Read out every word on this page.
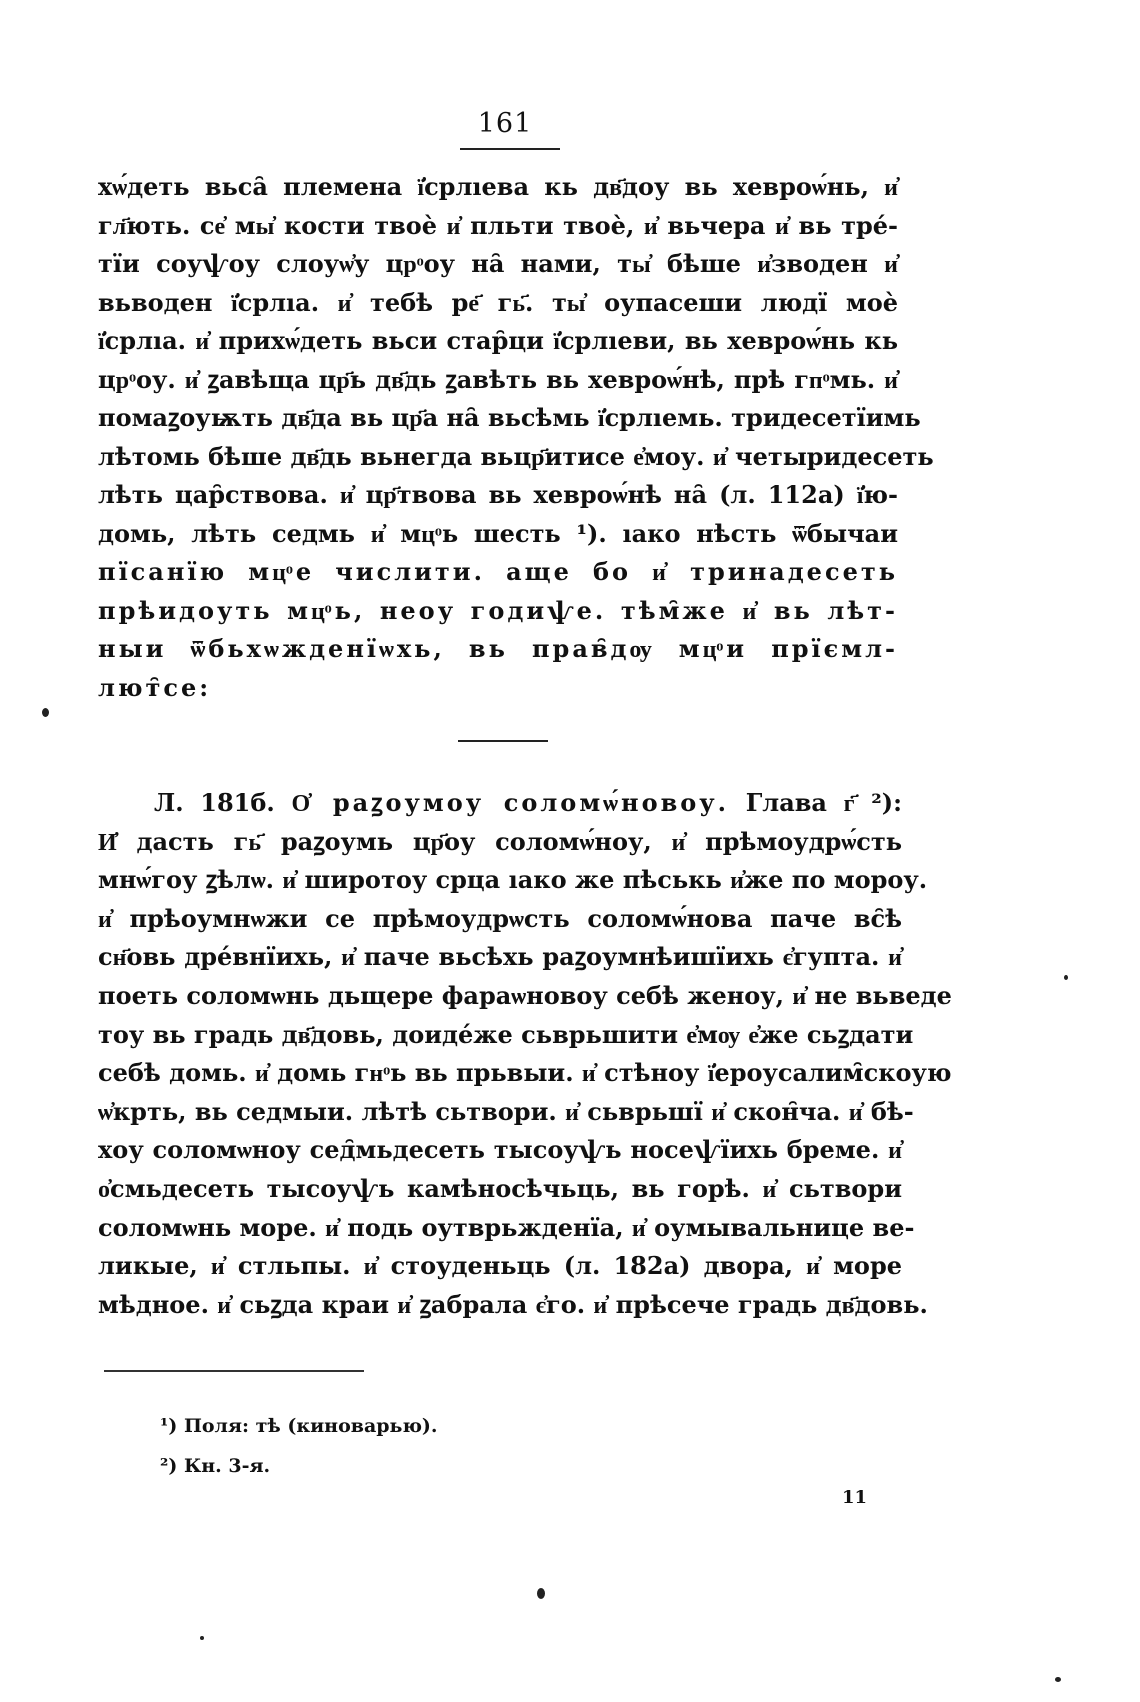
161
хѡ́деть вьса̑ племена ї҆срлıева кь дв҃доу вь хевроѡ́нь, и҆
гл҃ють. се҆ мы҆ кости твоѐ и҆ пльти твоѐ, и҆ вьчера и҆ вь тре́-
тїи соуѱоу слоуѡ҆у црͦоу на̑ нами, ты҆ бѣше и҆зводен и҆
вьводен ї҆срлıа. и҆ тебѣ ре҃ гь҃. ты҆ оупасеши людї моѐ
ї҆срлıа. и҆ прихѡ́деть вьси стар̑ци ї҆срлıеви, вь хевроѡ́нь кь
црͦоу. и҆ ꙁавѣща цр҃ь дв҃дь ꙁавѣть вь хевроѡ́нѣ, прѣ гпͦмь. и҆
помаꙁоуѭть дв҃да вь цр҃а на̑ вьсѣмь ї҆срлıемь. тридесетїимь
лѣтомь бѣше дв҃дь вьнегда вьцр҃итисе е҆моу. и҆ четыридесеть
лѣть цар̑ствова. и҆ цр҃твова вь хевроѡ́нѣ на̑ (л. 112а) ї҆ю-
домь, лѣть седмь и҆ мцͦь шесть ¹). ıако нѣсть ѿбычаи
пїсанїю мцͦе числити. аще бо и҆ тринадесеть
прѣидоуть мцͦь, неоу годиѱе. тѣм̑же и҆ вь лѣт-
ныи ѿбьхѡжденїѡхь, вь прав̑дѹ мцͦи прїємл-
лют̑се:
Л. 181б. О҆ раꙁоумоу соломѡ́новоу. Глава г҃ ²):
И҆ дасть гь҃ раꙁоумь цр҃оу соломѡ́ноу, и҆ прѣмоудрѡ́сть
мнѡ́гоу ꙁѣлѡ. и҆ широтоу срца ıако же пѣськь и҆же по мороу.
и҆ прѣоумнѡжи се прѣмоудрѡсть соломѡ́нова паче вс̑ѣ
сн҃овь дре́внїихь, и҆ паче вьсѣхь раꙁоумнѣишїихь є҆гупта. и҆
поеть соломѡнь дьщере фараѡновоу себѣ женоу, и҆ не вьведе
тоу вь градь дв҃довь, доиде́же сьврьшити е҆мѹ е҆же сьꙁдати
себѣ домь. и҆ домь гнͦь вь прьвыи. и҆ стѣноу ї҆ероусалим̑скоую
ѡ҆крть, вь седмыи. лѣтѣ сьтвори. и҆ сьврьшї и҆ скон̑ча. и҆ бѣ-
хоу соломѡноу сед̑мьдесеть тысоуѱь носеѱїихь бреме. и҆
о҆смьдесеть тысоуѱь камѣносѣчьць, вь горѣ. и҆ сьтвори
соломѡнь море. и҆ подь оутврьжденїа, и҆ оумывальнице ве-
ликые, и҆ стльпы. и҆ стоуденьць (л. 182а) двора, и҆ море
мѣдное. и҆ сьꙁда краи и҆ ꙁабрала є҆го. и҆ прѣсече градь дв҃довь.
¹) Поля: тѣ (киноварью).
²) Кн. 3-я.
11
